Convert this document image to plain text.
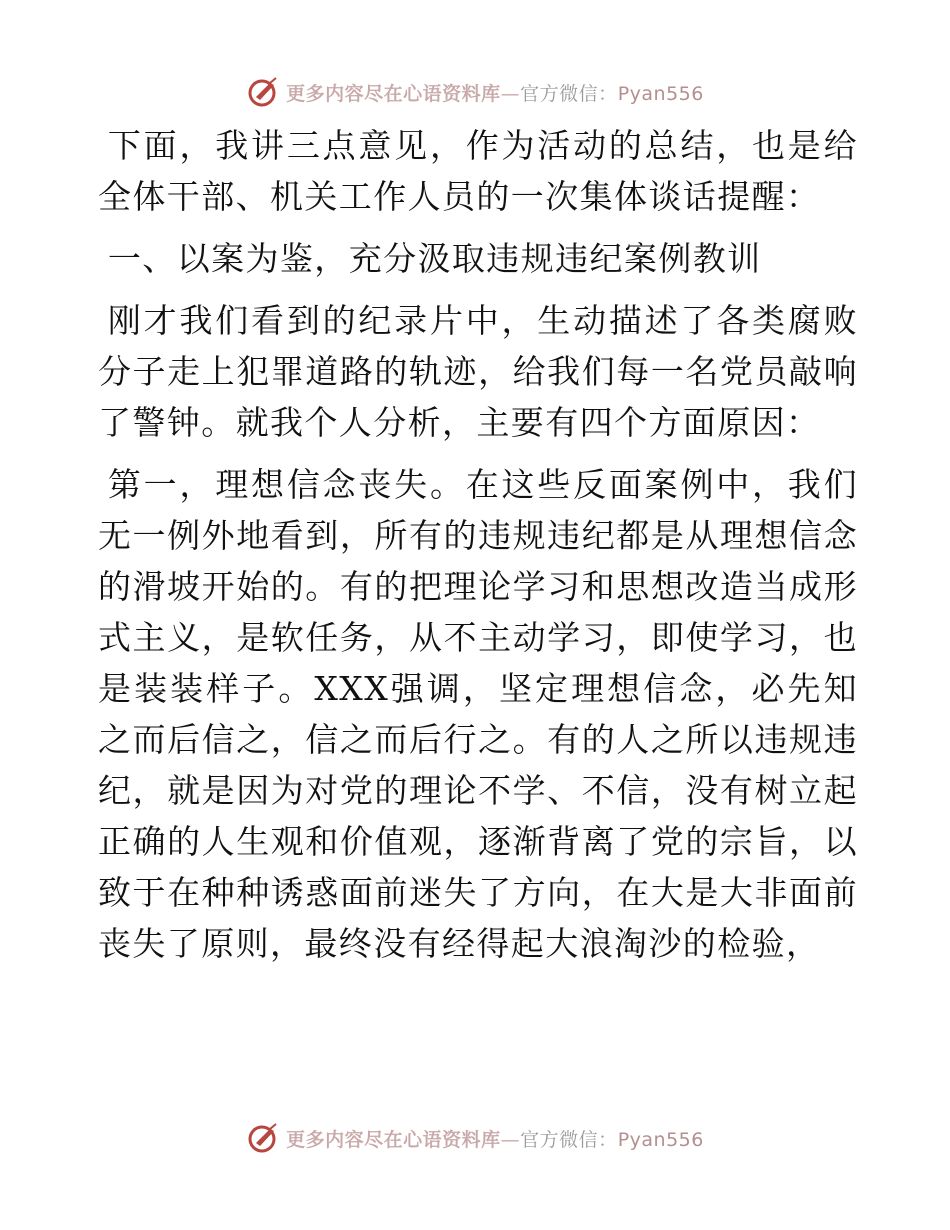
更多内容尽在心语资料库—官方微信：Pyan556

下面，我讲三点意见，作为活动的总结，也是给全体干部、机关工作人员的一次集体谈话提醒：

一、以案为鉴，充分汲取违规违纪案例教训

刚才我们看到的纪录片中，生动描述了各类腐败分子走上犯罪道路的轨迹，给我们每一名党员敲响了警钟。就我个人分析，主要有四个方面原因：

第一，理想信念丧失。在这些反面案例中，我们无一例外地看到，所有的违规违纪都是从理想信念的滑坡开始的。有的把理论学习和思想改造当成形式主义，是软任务，从不主动学习，即使学习，也是装装样子。XXX强调，坚定理想信念，必先知之而后信之，信之而后行之。有的人之所以违规违纪，就是因为对党的理论不学、不信，没有树立起正确的人生观和价值观，逐渐背离了党的宗旨，以致于在种种诱惑面前迷失了方向，在大是大非面前丧失了原则，最终没有经得起大浪淘沙的检验，

更多内容尽在心语资料库—官方微信：Pyan556
